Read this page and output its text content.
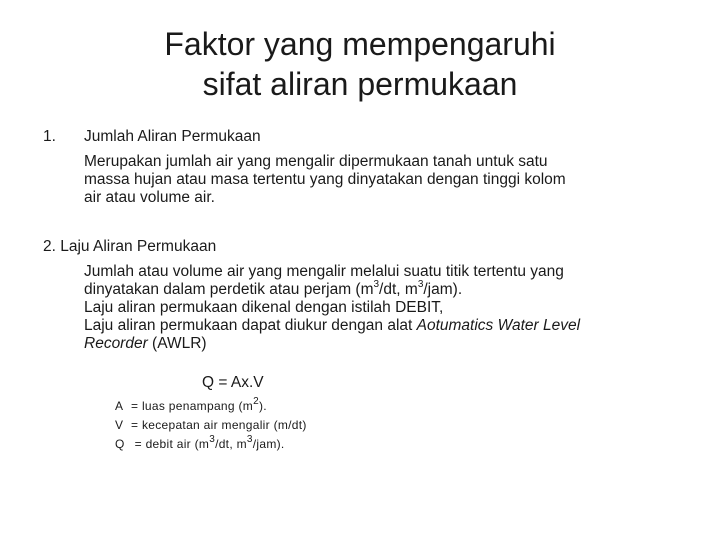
Faktor yang mempengaruhi
sifat aliran permukaan
1. Jumlah Aliran Permukaan
Merupakan jumlah air yang mengalir dipermukaan tanah untuk satu
massa hujan atau masa tertentu yang dinyatakan dengan tinggi kolom
air atau volume air.
2. Laju Aliran Permukaan
Jumlah atau volume air yang mengalir melalui suatu titik tertentu yang
dinyatakan dalam perdetik atau perjam ($m^3/dt$, $m^3/jam$).
Laju aliran permukaan dikenal dengan istilah DEBIT,
Laju aliran permukaan dapat diukur dengan alat Aotumatics Water Level
Recorder (AWLR)
Q = Ax.V
A = luas penampang $(m^2)$.
V = kecepatan air mengalir (m/dt)
Q = debit air ($m^3/dt$, $m^3/jam$).
